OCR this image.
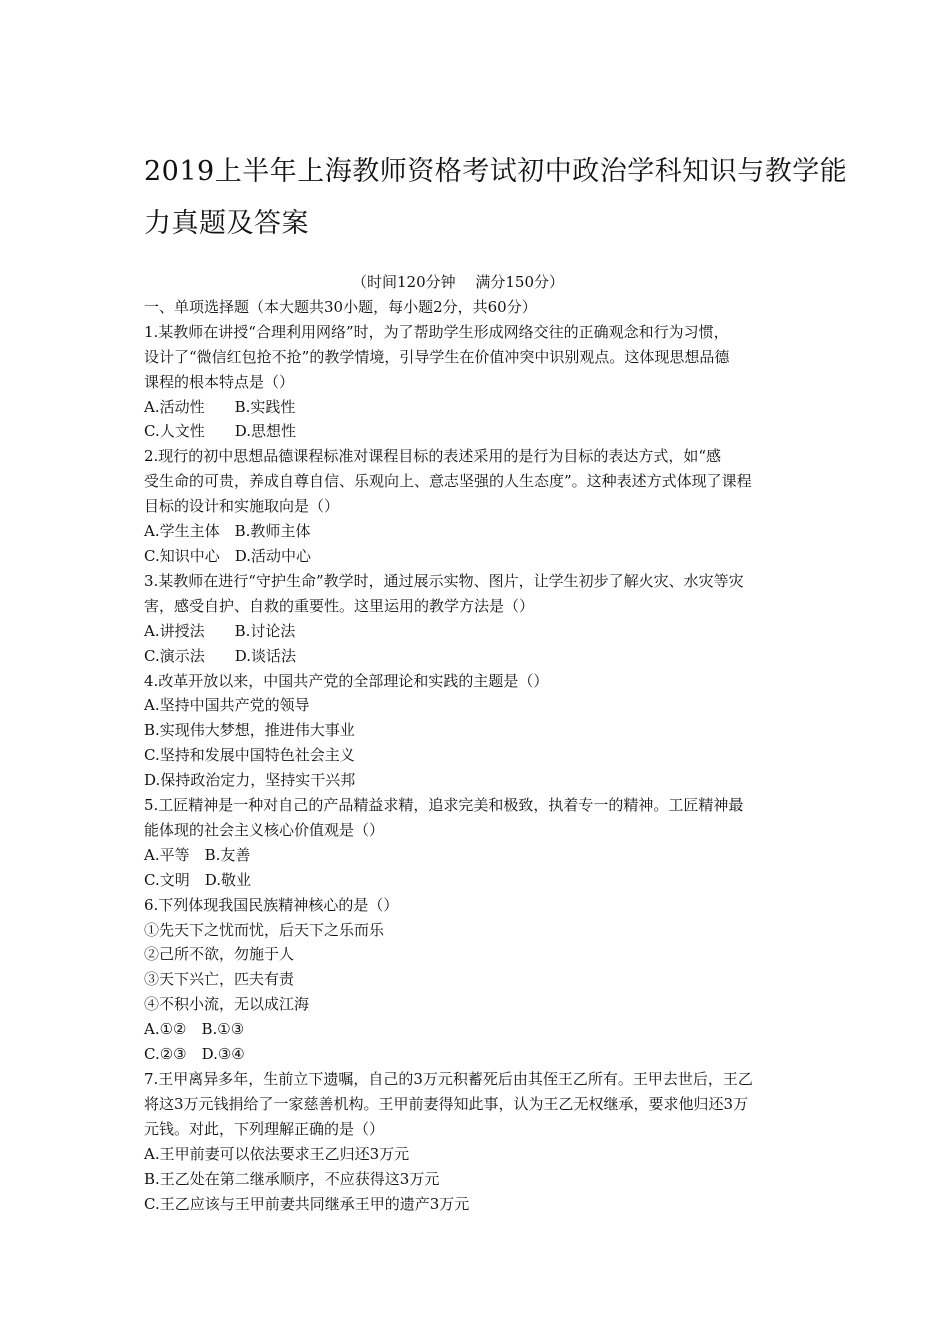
2019上半年上海教师资格考试初中政治学科知识与教学能
力真题及答案
（时间120分钟　 满分150分）
一、单项选择题（本大题共30小题，每小题2分，共60分）
1.某教师在讲授“合理利用网络”时，为了帮助学生形成网络交往的正确观念和行为习惯，
设计了“微信红包抢不抢”的教学情境，引导学生在价值冲突中识别观点。这体现思想品德
课程的根本特点是（）
A.活动性　　B.实践性
C.人文性　　D.思想性
2.现行的初中思想品德课程标准对课程目标的表述采用的是行为目标的表达方式，如“感
受生命的可贵，养成自尊自信、乐观向上、意志坚强的人生态度”。这种表述方式体现了课程
目标的设计和实施取向是（）
A.学生主体　B.教师主体
C.知识中心　D.活动中心
3.某教师在进行“守护生命”教学时，通过展示实物、图片，让学生初步了解火灾、水灾等灾
害，感受自护、自救的重要性。这里运用的教学方法是（）
A.讲授法　　B.讨论法
C.演示法　　D.谈话法
4.改革开放以来，中国共产党的全部理论和实践的主题是（）
A.坚持中国共产党的领导
B.实现伟大梦想，推进伟大事业
C.坚持和发展中国特色社会主义
D.保持政治定力，坚持实干兴邦
5.工匠精神是一种对自己的产品精益求精，追求完美和极致，执着专一的精神。工匠精神最
能体现的社会主义核心价值观是（）
A.平等　B.友善
C.文明　D.敬业
6.下列体现我国民族精神核心的是（）
①先天下之忧而忧，后天下之乐而乐
②己所不欲，勿施于人
③天下兴亡，匹夫有责
④不积小流，无以成江海
A.①②　B.①③
C.②③　D.③④
7.王甲离异多年，生前立下遗嘱，自己的3万元积蓄死后由其侄王乙所有。王甲去世后，王乙
将这3万元钱捐给了一家慈善机构。王甲前妻得知此事，认为王乙无权继承，要求他归还3万
元钱。对此，下列理解正确的是（）
A.王甲前妻可以依法要求王乙归还3万元
B.王乙处在第二继承顺序，不应获得这3万元
C.王乙应该与王甲前妻共同继承王甲的遗产3万元
